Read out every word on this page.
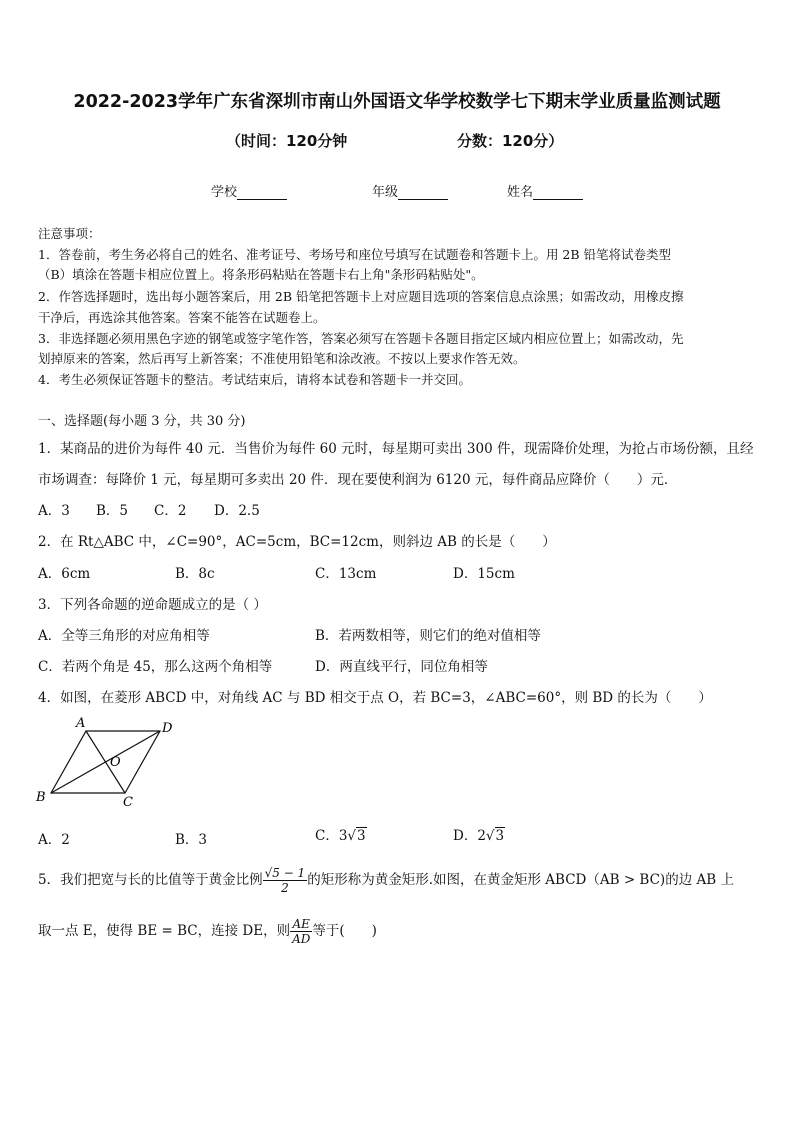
2022-2023学年广东省深圳市南山外国语文华学校数学七下期末学业质量监测试题
（时间：120分钟	分数：120分）
学校	年级	姓名
注意事项：
1．答卷前，考生务必将自己的姓名、准考证号、考场号和座位号填写在试题卷和答题卡上。用 2B 铅笔将试卷类型
（B）填涂在答题卡相应位置上。将条形码粘贴在答题卡右上角"条形码粘贴处"。
2．作答选择题时，选出每小题答案后，用 2B 铅笔把答题卡上对应题目选项的答案信息点涂黑；如需改动，用橡皮擦
干净后，再选涂其他答案。答案不能答在试题卷上。
3．非选择题必须用黑色字迹的钢笔或签字笔作答，答案必须写在答题卡各题目指定区域内相应位置上；如需改动，先
划掉原来的答案，然后再写上新答案；不准使用铅笔和涂改液。不按以上要求作答无效。
4．考生必须保证答题卡的整洁。考试结束后，请将本试卷和答题卡一并交回。
一、选择题(每小题 3 分，共 30 分)
1．某商品的进价为每件 40 元．当售价为每件 60 元时，每星期可卖出 300 件，现需降价处理，为抢占市场份额，且经
市场调查：每降价 1 元，每星期可多卖出 20 件．现在要使利润为 6120 元，每件商品应降价（　　）元．
A．3 B．5 C．2 D．2.5
2．在 Rt△ABC 中，∠C=90°，AC=5cm，BC=12cm，则斜边 AB 的长是（　　）
A．6cm	B．8c	C．13cm	D．15cm
3．下列各命题的逆命题成立的是（ ）
A．全等三角形的对应角相等	B．若两数相等，则它们的绝对值相等
C．若两个角是 45，那么这两个角相等	D．两直线平行，同位角相等
4．如图，在菱形 ABCD 中，对角线 AC 与 BD 相交于点 O，若 BC=3，∠ABC=60°，则 BD 的长为（　　）
A	D
B	C
O
A．2	B．3	C．3√3	D．2√3
5．我们把宽与长的比值等于黄金比例 $\frac{√5 - 1}{2}$ 的矩形称为黄金矩形.如图，在黄金矩形 ABCD（AB > BC)的边 AB 上
取一点 E，使得 BE = BC，连接 DE，则 $\frac{AE}{AD}$ 等于(　　)
